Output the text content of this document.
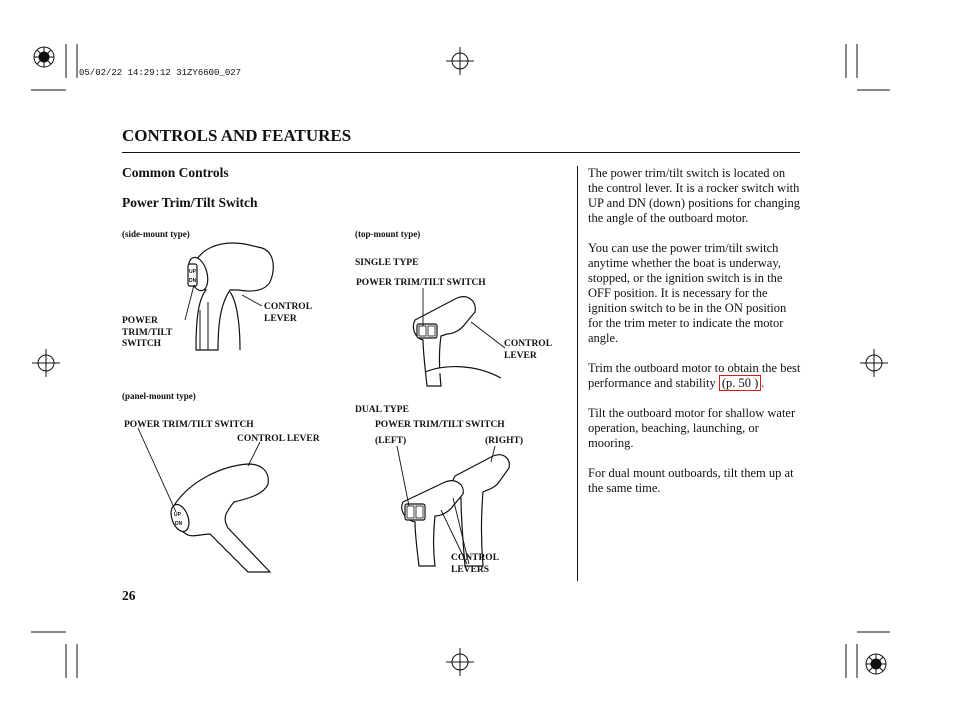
05/02/22 14:29:12 31ZY6600_027
CONTROLS AND FEATURES
Common Controls
Power Trim/Tilt Switch
(side-mount type)
UP
DN
POWER
TRIM/TILT
SWITCH
CONTROL
LEVER
(top-mount type)
SINGLE TYPE
POWER TRIM/TILT SWITCH
CONTROL
LEVER
(panel-mount type)
POWER TRIM/TILT SWITCH
CONTROL LEVER
UP
DN
DUAL TYPE
POWER TRIM/TILT SWITCH
(LEFT)	(RIGHT)
CONTROL
LEVERS
26

The power trim/tilt switch is located on the control lever. It is a rocker switch with UP and DN (down) positions for changing the angle of the outboard motor.

You can use the power trim/tilt switch anytime whether the boat is underway, stopped, or the ignition switch is in the OFF position. It is necessary for the ignition switch to be in the ON position for the trim meter to indicate the motor angle.

Trim the outboard motor to obtain the best performance and stability (p. 50 ) .

Tilt the outboard motor for shallow water operation, beaching, launching, or mooring.

For dual mount outboards, tilt them up at the same time.
